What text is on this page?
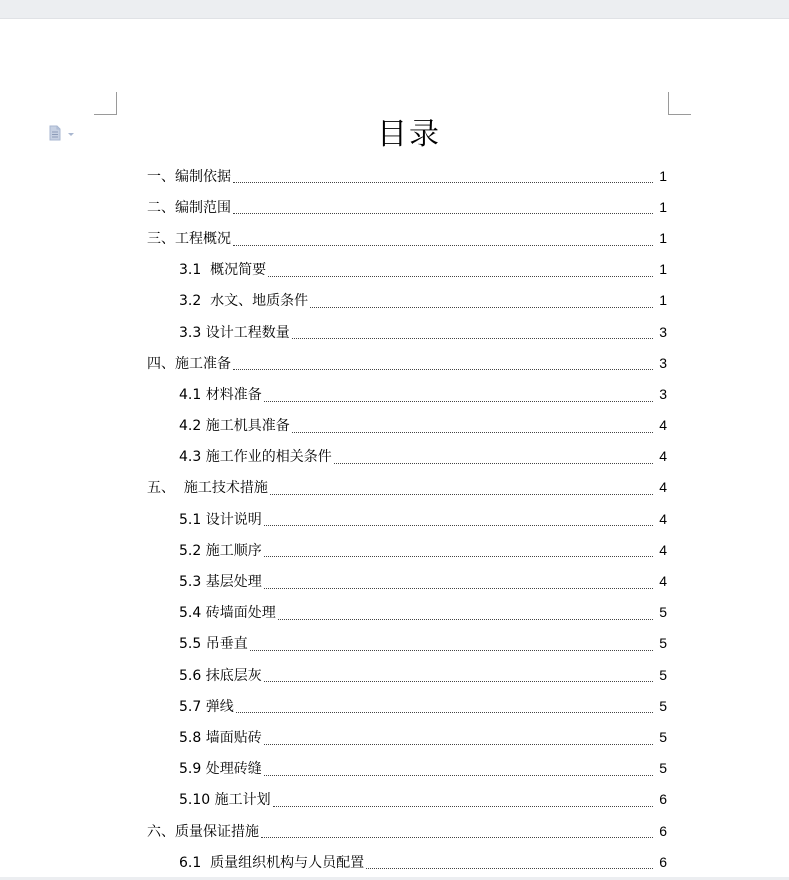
目录
一、编制依据	1
二、编制范围	1
三、工程概况	1
3.1  概况简要	1
3.2  水文、地质条件	1
3.3 设计工程数量	3
四、施工准备	3
4.1 材料准备	3
4.2 施工机具准备	4
4.3 施工作业的相关条件	4
五、  施工技术措施	4
5.1 设计说明	4
5.2 施工顺序	4
5.3 基层处理	4
5.4 砖墙面处理	5
5.5 吊垂直	5
5.6 抹底层灰	5
5.7 弹线	5
5.8 墙面贴砖	5
5.9 处理砖缝	5
5.10 施工计划	6
六、质量保证措施	6
6.1  质量组织机构与人员配置	6
